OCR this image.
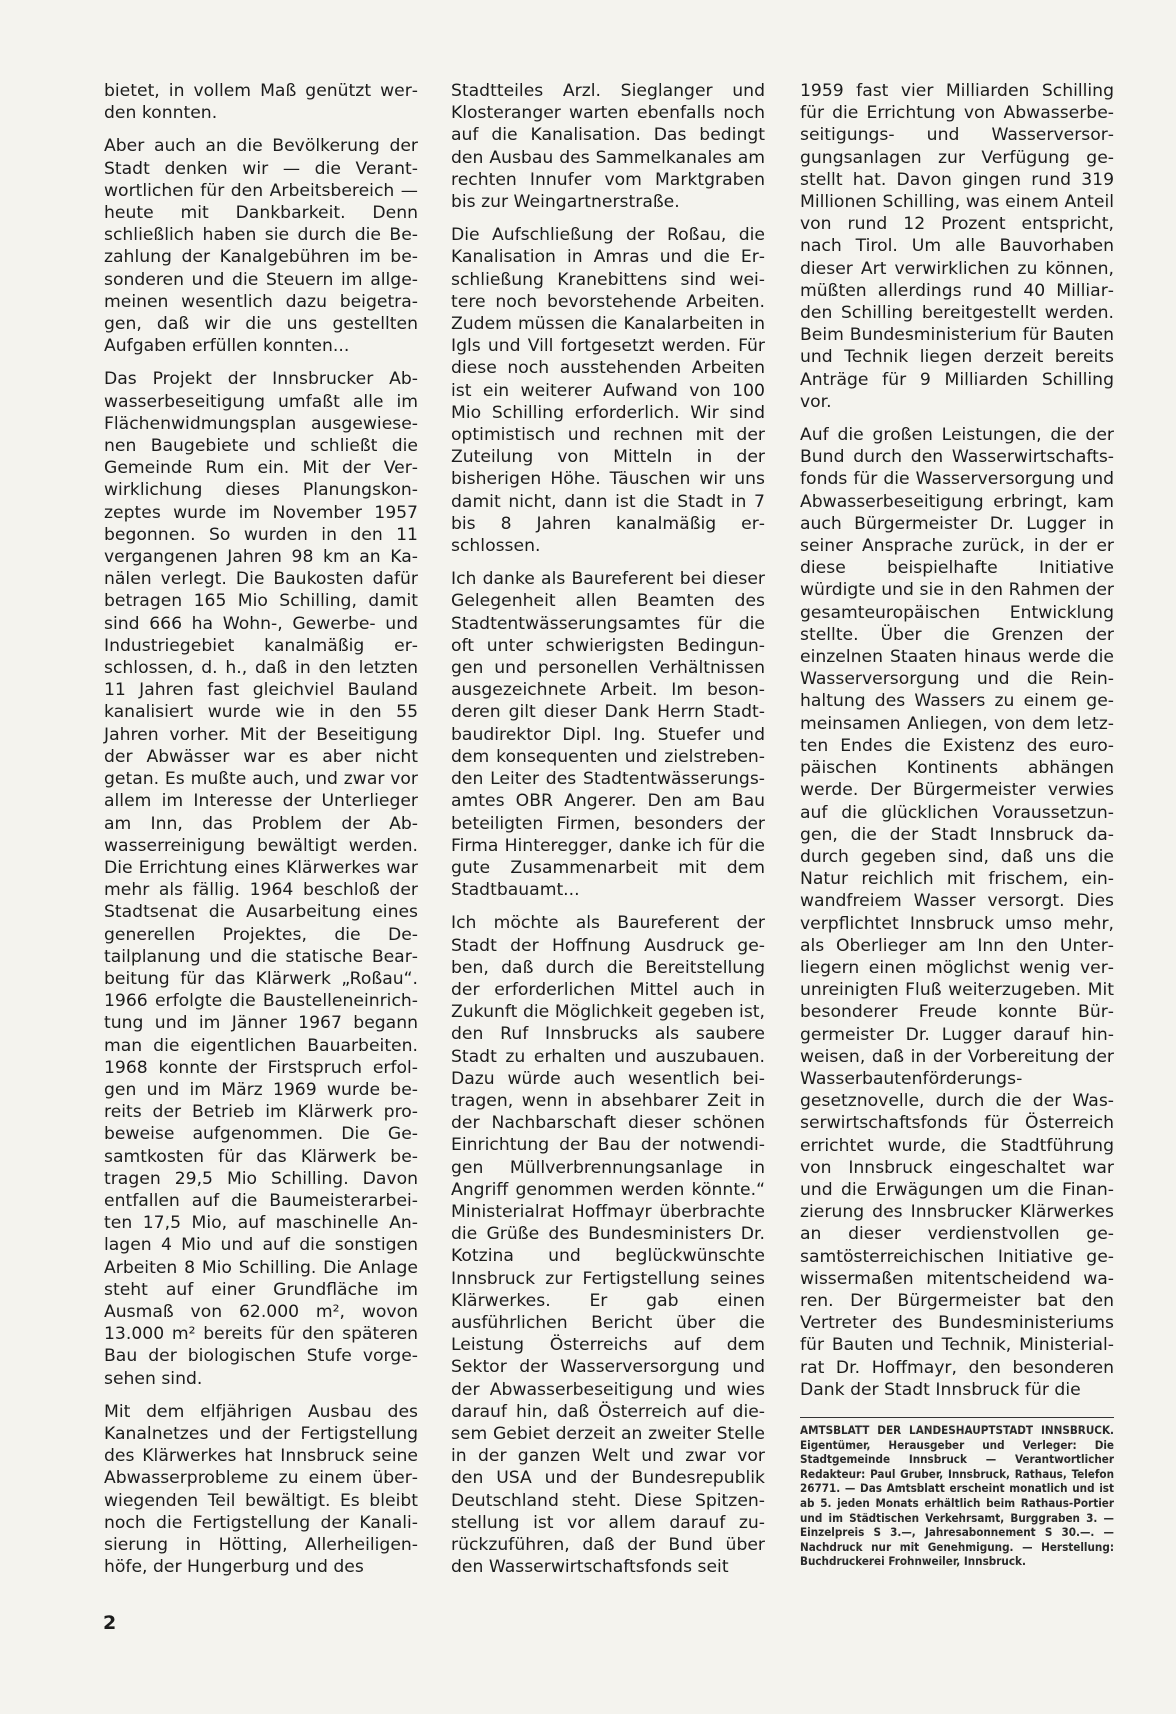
bietet, in vollem Maß genützt werden konnten.

Aber auch an die Bevölkerung der Stadt denken wir — die Verantwortlichen für den Arbeitsbereich — heute mit Dankbarkeit. Denn schließlich haben sie durch die Bezahlung der Kanalgebühren im besonderen und die Steuern im allgemeinen wesentlich dazu beigetragen, daß wir die uns gestellten Aufgaben erfüllen konnten...

Das Projekt der Innsbrucker Abwasserbeseitigung umfaßt alle im Flächenwidmungsplan ausgewiesenen Baugebiete und schließt die Gemeinde Rum ein. Mit der Verwirklichung dieses Planungskonzeptes wurde im November 1957 begonnen. So wurden in den 11 vergangenen Jahren 98 km an Kanälen verlegt. Die Baukosten dafür betragen 165 Mio Schilling, damit sind 666 ha Wohn-, Gewerbe- und Industriegebiet kanalmäßig erschlossen, d. h., daß in den letzten 11 Jahren fast gleichviel Bauland kanalisiert wurde wie in den 55 Jahren vorher. Mit der Beseitigung der Abwässer war es aber nicht getan. Es mußte auch, und zwar vor allem im Interesse der Unterlieger am Inn, das Problem der Abwasserreinigung bewältigt werden. Die Errichtung eines Klärwerkes war mehr als fällig. 1964 beschloß der Stadtsenat die Ausarbeitung eines generellen Projektes, die Detailplanung und die statische Bearbeitung für das Klärwerk „Roßau“. 1966 erfolgte die Baustelleneinrichtung und im Jänner 1967 begann man die eigentlichen Bauarbeiten. 1968 konnte der Firstspruch erfolgen und im März 1969 wurde bereits der Betrieb im Klärwerk probeweise aufgenommen. Die Gesamtkosten für das Klärwerk betragen 29,5 Mio Schilling. Davon entfallen auf die Baumeisterarbeiten 17,5 Mio, auf maschinelle Anlagen 4 Mio und auf die sonstigen Arbeiten 8 Mio Schilling. Die Anlage steht auf einer Grundfläche im Ausmaß von 62.000 m², wovon 13.000 m² bereits für den späteren Bau der biologischen Stufe vorgesehen sind.

Mit dem elfjährigen Ausbau des Kanalnetzes und der Fertigstellung des Klärwerkes hat Innsbruck seine Abwasserprobleme zu einem überwiegenden Teil bewältigt. Es bleibt noch die Fertigstellung der Kanalisierung in Hötting, Allerheiligenhöfe, der Hungerburg und des

Stadtteiles Arzl. Sieglanger und Klosteranger warten ebenfalls noch auf die Kanalisation. Das bedingt den Ausbau des Sammelkanales am rechten Innufer vom Marktgraben bis zur Weingartnerstraße.

Die Aufschließung der Roßau, die Kanalisation in Amras und die Erschließung Kranebittens sind weitere noch bevorstehende Arbeiten. Zudem müssen die Kanalarbeiten in Igls und Vill fortgesetzt werden. Für diese noch ausstehenden Arbeiten ist ein weiterer Aufwand von 100 Mio Schilling erforderlich. Wir sind optimistisch und rechnen mit der Zuteilung von Mitteln in der bisherigen Höhe. Täuschen wir uns damit nicht, dann ist die Stadt in 7 bis 8 Jahren kanalmäßig erschlossen.

Ich danke als Baureferent bei dieser Gelegenheit allen Beamten des Stadtentwässerungsamtes für die oft unter schwierigsten Bedingungen und personellen Verhältnissen ausgezeichnete Arbeit. Im besonderen gilt dieser Dank Herrn Stadtbaudirektor Dipl. Ing. Stuefer und dem konsequenten und zielstrebenden Leiter des Stadtentwässerungsamtes OBR Angerer. Den am Bau beteiligten Firmen, besonders der Firma Hinteregger, danke ich für die gute Zusammenarbeit mit dem Stadtbauamt...

Ich möchte als Baureferent der Stadt der Hoffnung Ausdruck geben, daß durch die Bereitstellung der erforderlichen Mittel auch in Zukunft die Möglichkeit gegeben ist, den Ruf Innsbrucks als saubere Stadt zu erhalten und auszubauen. Dazu würde auch wesentlich beitragen, wenn in absehbarer Zeit in der Nachbarschaft dieser schönen Einrichtung der Bau der notwendigen Müllverbrennungsanlage in Angriff genommen werden könnte.“ Ministerialrat Hoffmayr überbrachte die Grüße des Bundesministers Dr. Kotzina und beglückwünschte Innsbruck zur Fertigstellung seines Klärwerkes. Er gab einen ausführlichen Bericht über die Leistung Österreichs auf dem Sektor der Wasserversorgung und der Abwasserbeseitigung und wies darauf hin, daß Österreich auf diesem Gebiet derzeit an zweiter Stelle in der ganzen Welt und zwar vor den USA und der Bundesrepublik Deutschland steht. Diese Spitzenstellung ist vor allem darauf zurückzuführen, daß der Bund über den Wasserwirtschaftsfonds seit

1959 fast vier Milliarden Schilling für die Errichtung von Abwasserbeseitigungs- und Wasserversorgungsanlagen zur Verfügung gestellt hat. Davon gingen rund 319 Millionen Schilling, was einem Anteil von rund 12 Prozent entspricht, nach Tirol. Um alle Bauvorhaben dieser Art verwirklichen zu können, müßten allerdings rund 40 Milliarden Schilling bereitgestellt werden. Beim Bundesministerium für Bauten und Technik liegen derzeit bereits Anträge für 9 Milliarden Schilling vor.

Auf die großen Leistungen, die der Bund durch den Wasserwirtschaftsfonds für die Wasserversorgung und Abwasserbeseitigung erbringt, kam auch Bürgermeister Dr. Lugger in seiner Ansprache zurück, in der er diese beispielhafte Initiative würdigte und sie in den Rahmen der gesamteuropäischen Entwicklung stellte. Über die Grenzen der einzelnen Staaten hinaus werde die Wasserversorgung und die Reinhaltung des Wassers zu einem gemeinsamen Anliegen, von dem letzten Endes die Existenz des europäischen Kontinents abhängen werde. Der Bürgermeister verwies auf die glücklichen Voraussetzungen, die der Stadt Innsbruck dadurch gegeben sind, daß uns die Natur reichlich mit frischem, einwandfreiem Wasser versorgt. Dies verpflichtet Innsbruck umso mehr, als Oberlieger am Inn den Unterliegern einen möglichst wenig verunreinigten Fluß weiterzugeben. Mit besonderer Freude konnte Bürgermeister Dr. Lugger darauf hinweisen, daß in der Vorbereitung der Wasserbautenförderungsgesetznovelle, durch die der Wasserwirtschaftsfonds für Österreich errichtet wurde, die Stadtführung von Innsbruck eingeschaltet war und die Erwägungen um die Finanzierung des Innsbrucker Klärwerkes an dieser verdienstvollen gesamtösterreichischen Initiative gewissermaßen mitentscheidend waren. Der Bürgermeister bat den Vertreter des Bundesministeriums für Bauten und Technik, Ministerialrat Dr. Hoffmayr, den besonderen Dank der Stadt Innsbruck für die

AMTSBLATT DER LANDESHAUPTSTADT INNSBRUCK. Eigentümer, Herausgeber und Verleger: Die Stadtgemeinde Innsbruck — Verantwortlicher Redakteur: Paul Gruber, Innsbruck, Rathaus, Telefon 26771. — Das Amtsblatt erscheint monatlich und ist ab 5. jeden Monats erhältlich beim Rathaus-Portier und im Städtischen Verkehrsamt, Burggraben 3. — Einzelpreis S 3.—, Jahresabonnement S 30.—. — Nachdruck nur mit Genehmigung. — Herstellung: Buchdruckerei Frohnweiler, Innsbruck.
2
